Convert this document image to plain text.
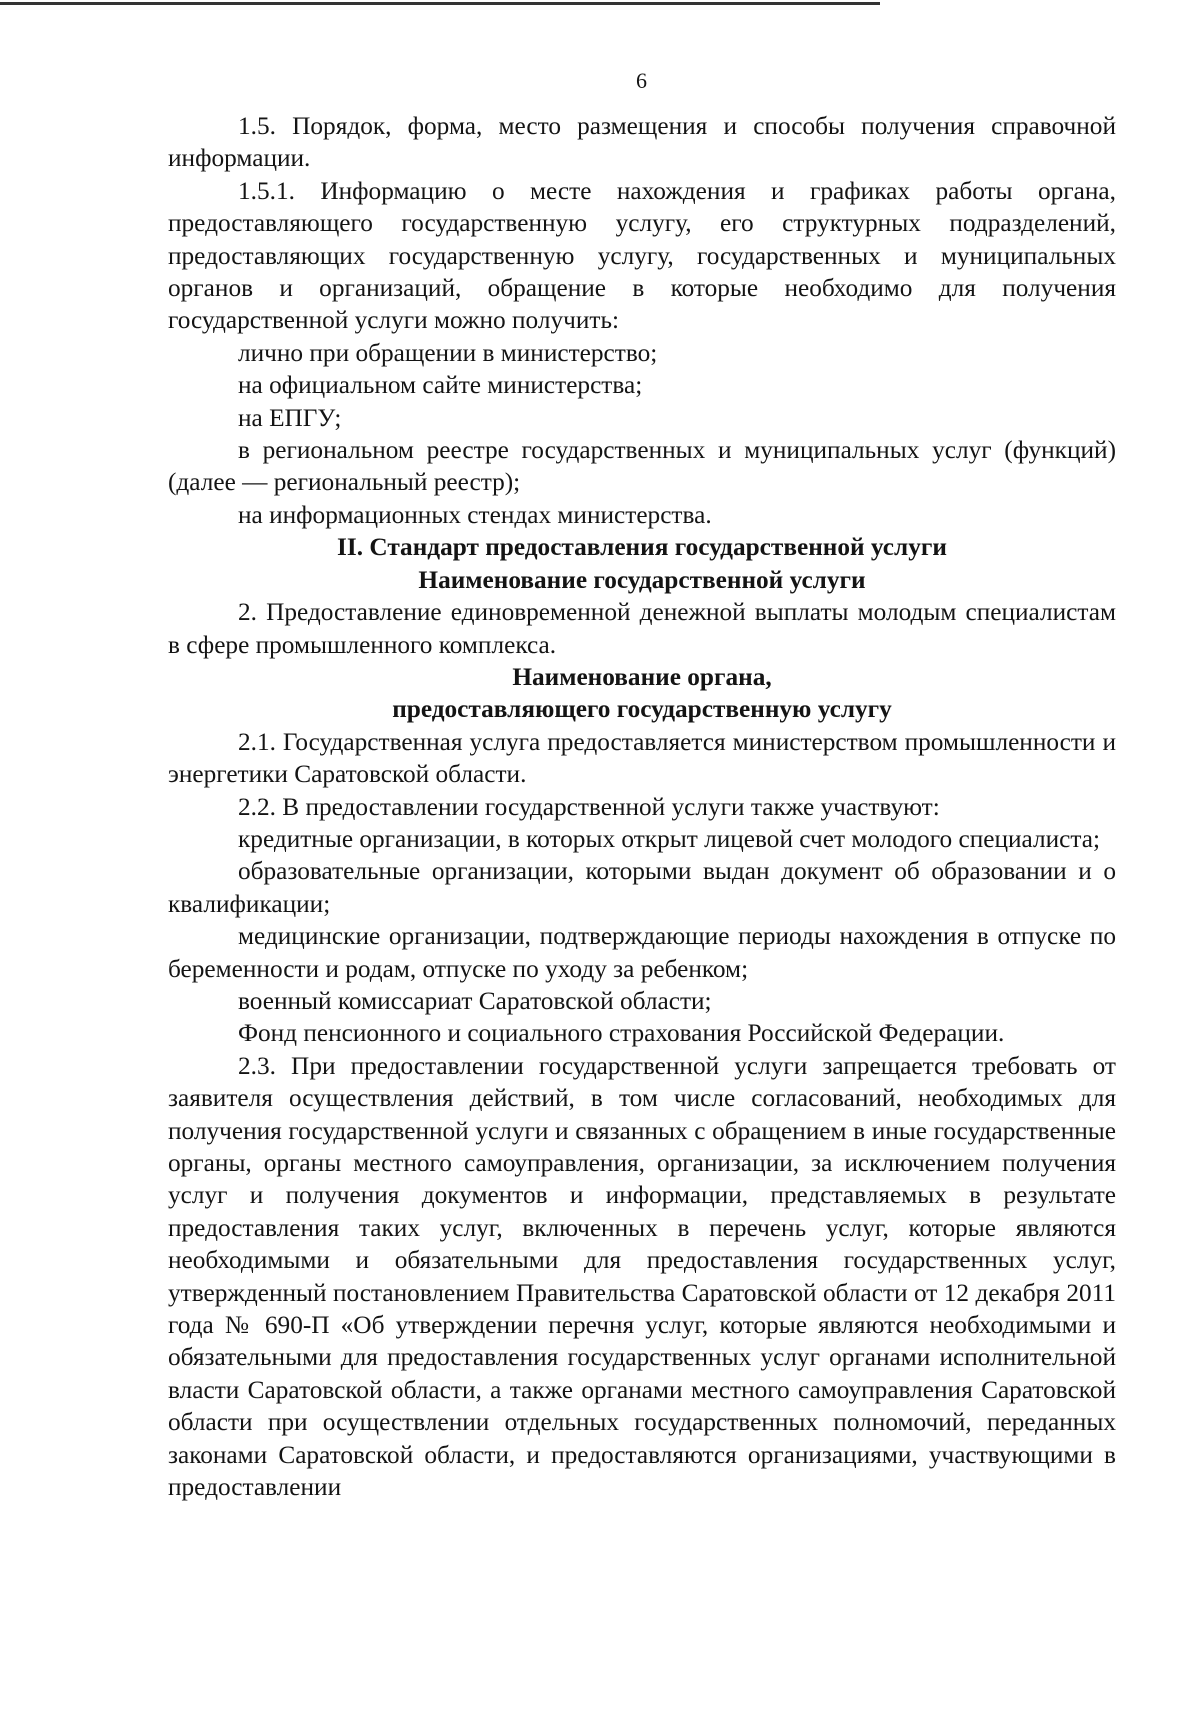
6

1.5. Порядок, форма, место размещения и способы получения справочной информации.

1.5.1. Информацию о месте нахождения и графиках работы органа, предоставляющего государственную услугу, его структурных подразделений, предоставляющих государственную услугу, государственных и муниципальных органов и организаций, обращение в которые необходимо для получения государственной услуги можно получить:

лично при обращении в министерство;

на официальном сайте министерства;

на ЕПГУ;

в региональном реестре государственных и муниципальных услуг (функций) (далее — региональный реестр);

на информационных стендах министерства.

II. Стандарт предоставления государственной услуги

Наименование государственной услуги

2. Предоставление единовременной денежной выплаты молодым специалистам в сфере промышленного комплекса.

Наименование органа,

предоставляющего государственную услугу

2.1. Государственная услуга предоставляется министерством промышленности и энергетики Саратовской области.

2.2. В предоставлении государственной услуги также участвуют:

кредитные организации, в которых открыт лицевой счет молодого специалиста;

образовательные организации, которыми выдан документ об образовании и о квалификации;

медицинские организации, подтверждающие периоды нахождения в отпуске по беременности и родам, отпуске по уходу за ребенком;

военный комиссариат Саратовской области;

Фонд пенсионного и социального страхования Российской Федерации.

2.3. При предоставлении государственной услуги запрещается требовать от заявителя осуществления действий, в том числе согласований, необходимых для получения государственной услуги и связанных с обращением в иные государственные органы, органы местного самоуправления, организации, за исключением получения услуг и получения документов и информации, представляемых в результате предоставления таких услуг, включенных в перечень услуг, которые являются необходимыми и обязательными для предоставления государственных услуг, утвержденный постановлением Правительства Саратовской области от 12 декабря 2011 года № 690-П «Об утверждении перечня услуг, которые являются необходимыми и обязательными для предоставления государственных услуг органами исполнительной власти Саратовской области, а также органами местного самоуправления Саратовской области при осуществлении отдельных государственных полномочий, переданных законами Саратовской области, и предоставляются организациями, участвующими в предоставлении
